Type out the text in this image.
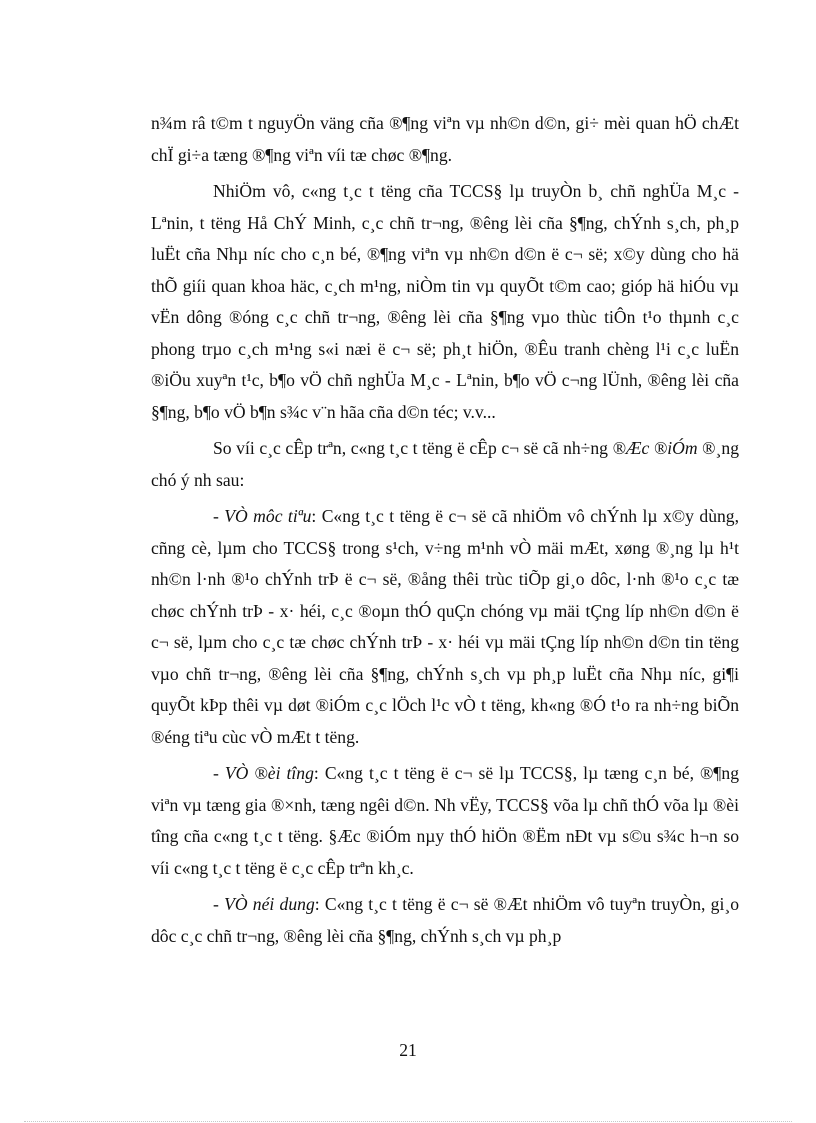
n¾m râ t©m t nguyÖn väng cña ®¶ng viªn vµ nh©n d©n, gi÷ mèi quan hÖ chÆt chÏ gi÷a tæng ®¶ng viªn víi tæ chøc ®¶ng.

NhiÖm vô, c«ng t¸c t tëng cña TCCS§ lµ truyÒn b¸ chñ nghÜa M¸c - Lªnin, t tëng Hå ChÝ Minh, c¸c chñ tr¬ng, ®êng lèi cña §¶ng, chÝnh s¸ch, ph¸p luËt cña Nhµ níc cho c¸n bé, ®¶ng viªn vµ nh©n d©n ë c¬ së; x©y dùng cho hä thÕ giíi quan khoa häc, c¸ch m¹ng, niÒm tin vµ quyÕt t©m cao; gióp hä hiÓu vµ vËn dông ®óng c¸c chñ tr¬ng, ®êng lèi cña §¶ng vµo thùc tiÔn t¹o thµnh c¸c phong trµo c¸ch m¹ng s«i næi ë c¬ së; ph¸t hiÖn, ®Êu tranh chèng l¹i c¸c luËn ®iÖu xuyªn t¹c, b¶o vÖ chñ nghÜa M¸c - Lªnin, b¶o vÖ c¬ng lÜnh, ®êng lèi cña §¶ng, b¶o vÖ b¶n s¾c v¨n hãa cña d©n téc; v.v...

So víi c¸c cÊp trªn, c«ng t¸c t tëng ë cÊp c¬ së cã nh÷ng ®Æc ®iÓm ®¸ng chó ý nh sau:

- VÒ môc tiªu: C«ng t¸c t tëng ë c¬ së cã nhiÖm vô chÝnh lµ x©y dùng, cñng cè, lµm cho TCCS§ trong s¹ch, v÷ng m¹nh vÒ mäi mÆt, xøng ®¸ng lµ h¹t nh©n l·nh ®¹o chÝnh trÞ ë c¬ së, ®ång thêi trùc tiÕp gi¸o dôc, l·nh ®¹o c¸c tæ chøc chÝnh trÞ - x· héi, c¸c ®oµn thÓ quÇn chóng vµ mäi tÇng líp nh©n d©n ë c¬ së, lµm cho c¸c tæ chøc chÝnh trÞ - x· héi vµ mäi tÇng líp nh©n d©n tin tëng vµo chñ tr¬ng, ®êng lèi cña §¶ng, chÝnh s¸ch vµ ph¸p luËt cña Nhµ níc, gi¶i quyÕt kÞp thêi vµ døt ®iÓm c¸c lÖch l¹c vÒ t tëng, kh«ng ®Ó t¹o ra nh÷ng biÕn ®éng tiªu cùc vÒ mÆt t tëng.

- VÒ ®èi tîng: C«ng t¸c t tëng ë c¬ së lµ TCCS§, lµ tæng c¸n bé, ®¶ng viªn vµ tæng gia ®×nh, tæng ngêi d©n. Nh vËy, TCCS§ võa lµ chñ thÓ võa lµ ®èi tîng cña c«ng t¸c t tëng. §Æc ®iÓm nµy thÓ hiÖn ®Ëm nÐt vµ s©u s¾c h¬n so víi c«ng t¸c t tëng ë c¸c cÊp trªn kh¸c.

- VÒ néi dung: C«ng t¸c t tëng ë c¬ së ®Æt nhiÖm vô tuyªn truyÒn, gi¸o dôc c¸c chñ tr¬ng, ®êng lèi cña §¶ng, chÝnh s¸ch vµ ph¸p

21
